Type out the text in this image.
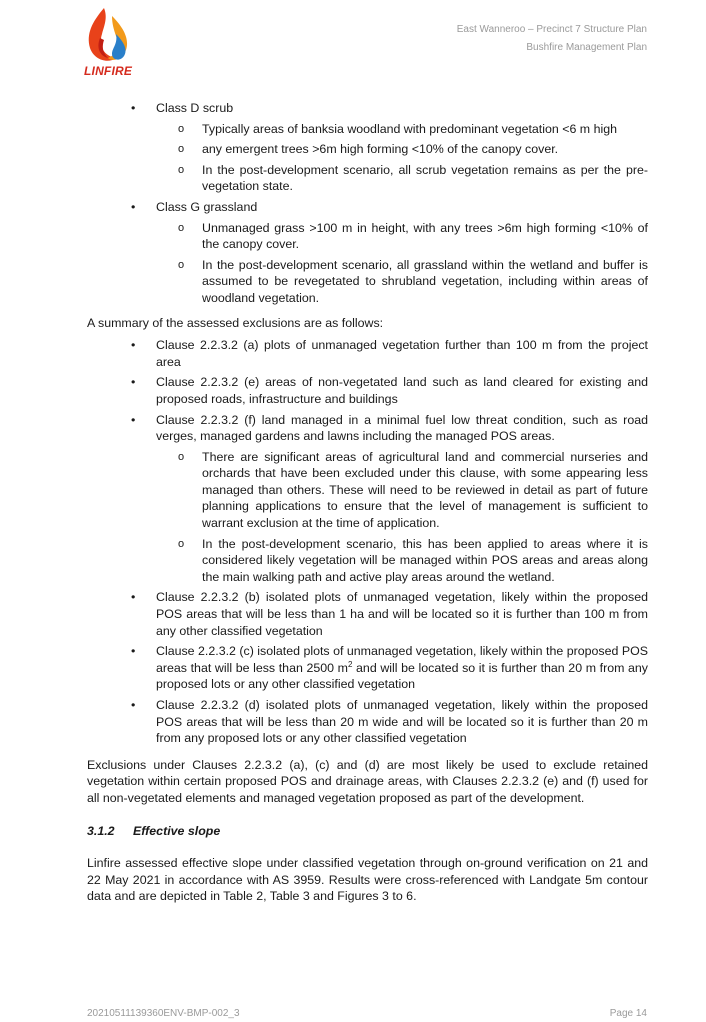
LINFIRE
East Wanneroo – Precinct 7 Structure Plan
Bushfire Management Plan
• Class D scrub
o Typically areas of banksia woodland with predominant vegetation <6 m high
o any emergent trees >6m high forming <10% of the canopy cover.
o In the post-development scenario, all scrub vegetation remains as per the pre-vegetation state.
• Class G grassland
o Unmanaged grass >100 m in height, with any trees >6m high forming <10% of the canopy cover.
o In the post-development scenario, all grassland within the wetland and buffer is assumed to be revegetated to shrubland vegetation, including within areas of woodland vegetation.

A summary of the assessed exclusions are as follows:

• Clause 2.2.3.2 (a) plots of unmanaged vegetation further than 100 m from the project area
• Clause 2.2.3.2 (e) areas of non-vegetated land such as land cleared for existing and proposed roads, infrastructure and buildings
• Clause 2.2.3.2 (f) land managed in a minimal fuel low threat condition, such as road verges, managed gardens and lawns including the managed POS areas.
o There are significant areas of agricultural land and commercial nurseries and orchards that have been excluded under this clause, with some appearing less managed than others. These will need to be reviewed in detail as part of future planning applications to ensure that the level of management is sufficient to warrant exclusion at the time of application.
o In the post-development scenario, this has been applied to areas where it is considered likely vegetation will be managed within POS areas and areas along the main walking path and active play areas around the wetland.
• Clause 2.2.3.2 (b) isolated plots of unmanaged vegetation, likely within the proposed POS areas that will be less than 1 ha and will be located so it is further than 100 m from any other classified vegetation
• Clause 2.2.3.2 (c) isolated plots of unmanaged vegetation, likely within the proposed POS areas that will be less than 2500 $m^2$ and will be located so it is further than 20 m from any proposed lots or any other classified vegetation
• Clause 2.2.3.2 (d) isolated plots of unmanaged vegetation, likely within the proposed POS areas that will be less than 20 m wide and will be located so it is further than 20 m from any proposed lots or any other classified vegetation

Exclusions under Clauses 2.2.3.2 (a), (c) and (d) are most likely be used to exclude retained vegetation within certain proposed POS and drainage areas, with Clauses 2.2.3.2 (e) and (f) used for all non-vegetated elements and managed vegetation proposed as part of the development.

3.1.2 Effective slope

Linfire assessed effective slope under classified vegetation through on-ground verification on 21 and 22 May 2021 in accordance with AS 3959. Results were cross-referenced with Landgate 5m contour data and are depicted in Table 2, Table 3 and Figures 3 to 6.

20210511139360ENV-BMP-002_3	Page 14
